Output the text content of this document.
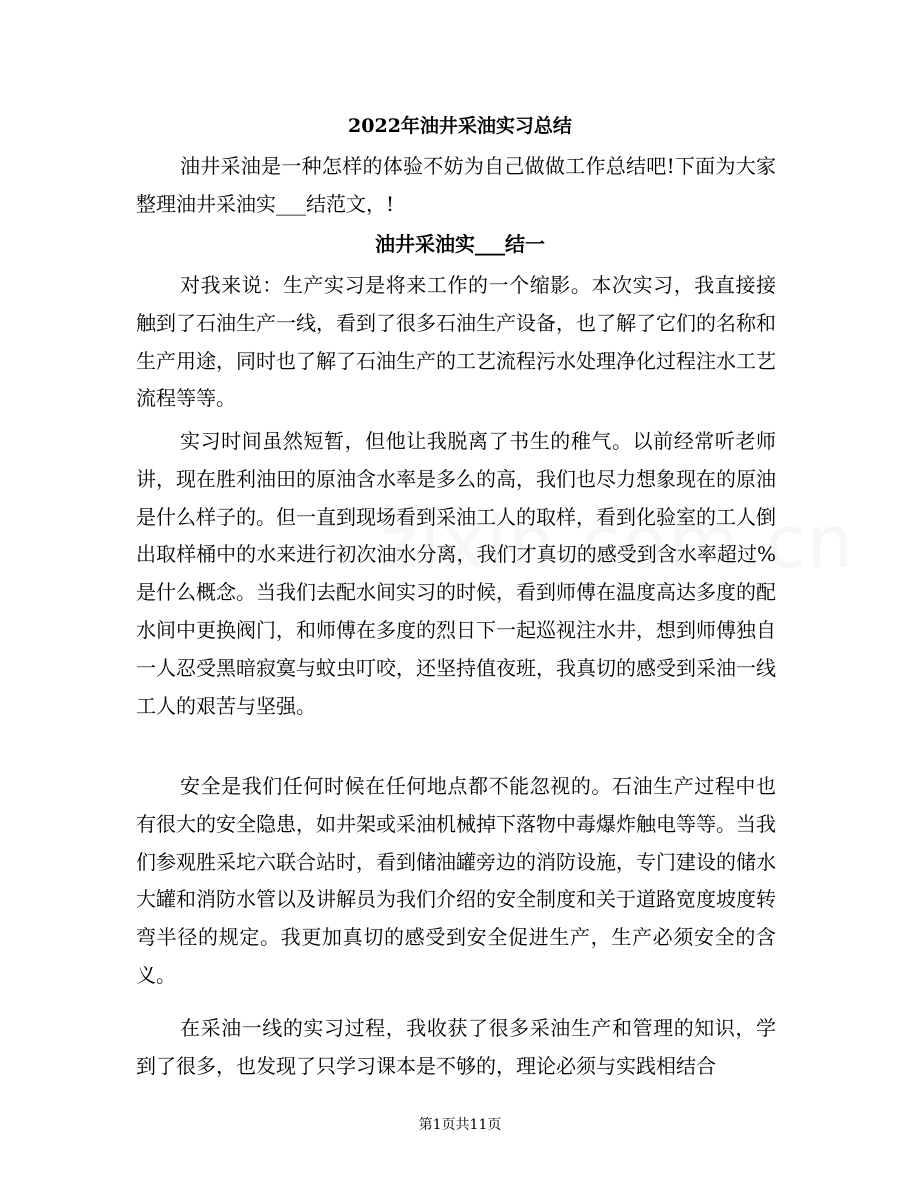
2022年油井采油实习总结

油井采油是一种怎样的体验不妨为自己做做工作总结吧!下面为大家整理油井采油实___结范文，!

油井采油实___结一

对我来说：生产实习是将来工作的一个缩影。本次实习，我直接接触到了石油生产一线，看到了很多石油生产设备，也了解了它们的名称和生产用途，同时也了解了石油生产的工艺流程污水处理净化过程注水工艺流程等等。

实习时间虽然短暂，但他让我脱离了书生的稚气。以前经常听老师讲，现在胜利油田的原油含水率是多么的高，我们也尽力想象现在的原油是什么样子的。但一直到现场看到采油工人的取样，看到化验室的工人倒出取样桶中的水来进行初次油水分离，我们才真切的感受到含水率超过%是什么概念。当我们去配水间实习的时候，看到师傅在温度高达多度的配水间中更换阀门，和师傅在多度的烈日下一起巡视注水井，想到师傅独自一人忍受黑暗寂寞与蚊虫叮咬，还坚持值夜班，我真切的感受到采油一线工人的艰苦与坚强。

安全是我们任何时候在任何地点都不能忽视的。石油生产过程中也有很大的安全隐患，如井架或采油机械掉下落物中毒爆炸触电等等。当我们参观胜采坨六联合站时，看到储油罐旁边的消防设施，专门建设的储水大罐和消防水管以及讲解员为我们介绍的安全制度和关于道路宽度坡度转弯半径的规定。我更加真切的感受到安全促进生产，生产必须安全的含义。

在采油一线的实习过程，我收获了很多采油生产和管理的知识，学到了很多，也发现了只学习课本是不够的，理论必须与实践相结合

第1页共11页
